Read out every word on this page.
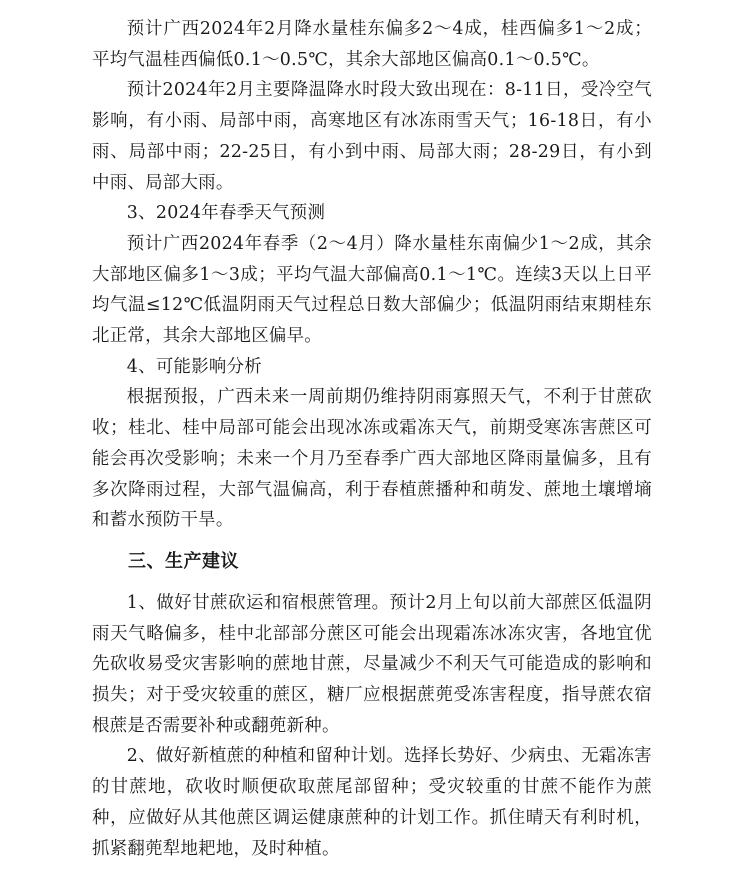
预计广西2024年2月降水量桂东偏多2～4成，桂西偏多1～2成；平均气温桂西偏低0.1～0.5℃，其余大部地区偏高0.1～0.5℃。

预计2024年2月主要降温降水时段大致出现在：8-11日，受冷空气影响，有小雨、局部中雨，高寒地区有冰冻雨雪天气；16-18日，有小雨、局部中雨；22-25日，有小到中雨、局部大雨；28-29日，有小到中雨、局部大雨。

3、2024年春季天气预测

预计广西2024年春季（2～4月）降水量桂东南偏少1～2成，其余大部地区偏多1～3成；平均气温大部偏高0.1～1℃。连续3天以上日平均气温≤12℃低温阴雨天气过程总日数大部偏少；低温阴雨结束期桂东北正常，其余大部地区偏早。

4、可能影响分析

根据预报，广西未来一周前期仍维持阴雨寡照天气，不利于甘蔗砍收；桂北、桂中局部可能会出现冰冻或霜冻天气，前期受寒冻害蔗区可能会再次受影响；未来一个月乃至春季广西大部地区降雨量偏多，且有多次降雨过程，大部气温偏高，利于春植蔗播种和萌发、蔗地土壤增墒和蓄水预防干旱。

三、生产建议

1、做好甘蔗砍运和宿根蔗管理。预计2月上旬以前大部蔗区低温阴雨天气略偏多，桂中北部部分蔗区可能会出现霜冻冰冻灾害，各地宜优先砍收易受灾害影响的蔗地甘蔗，尽量减少不利天气可能造成的影响和损失；对于受灾较重的蔗区，糖厂应根据蔗蔸受冻害程度，指导蔗农宿根蔗是否需要补种或翻蔸新种。

2、做好新植蔗的种植和留种计划。选择长势好、少病虫、无霜冻害的甘蔗地，砍收时顺便砍取蔗尾部留种；受灾较重的甘蔗不能作为蔗种，应做好从其他蔗区调运健康蔗种的计划工作。抓住晴天有利时机，抓紧翻蔸犁地耙地，及时种植。
